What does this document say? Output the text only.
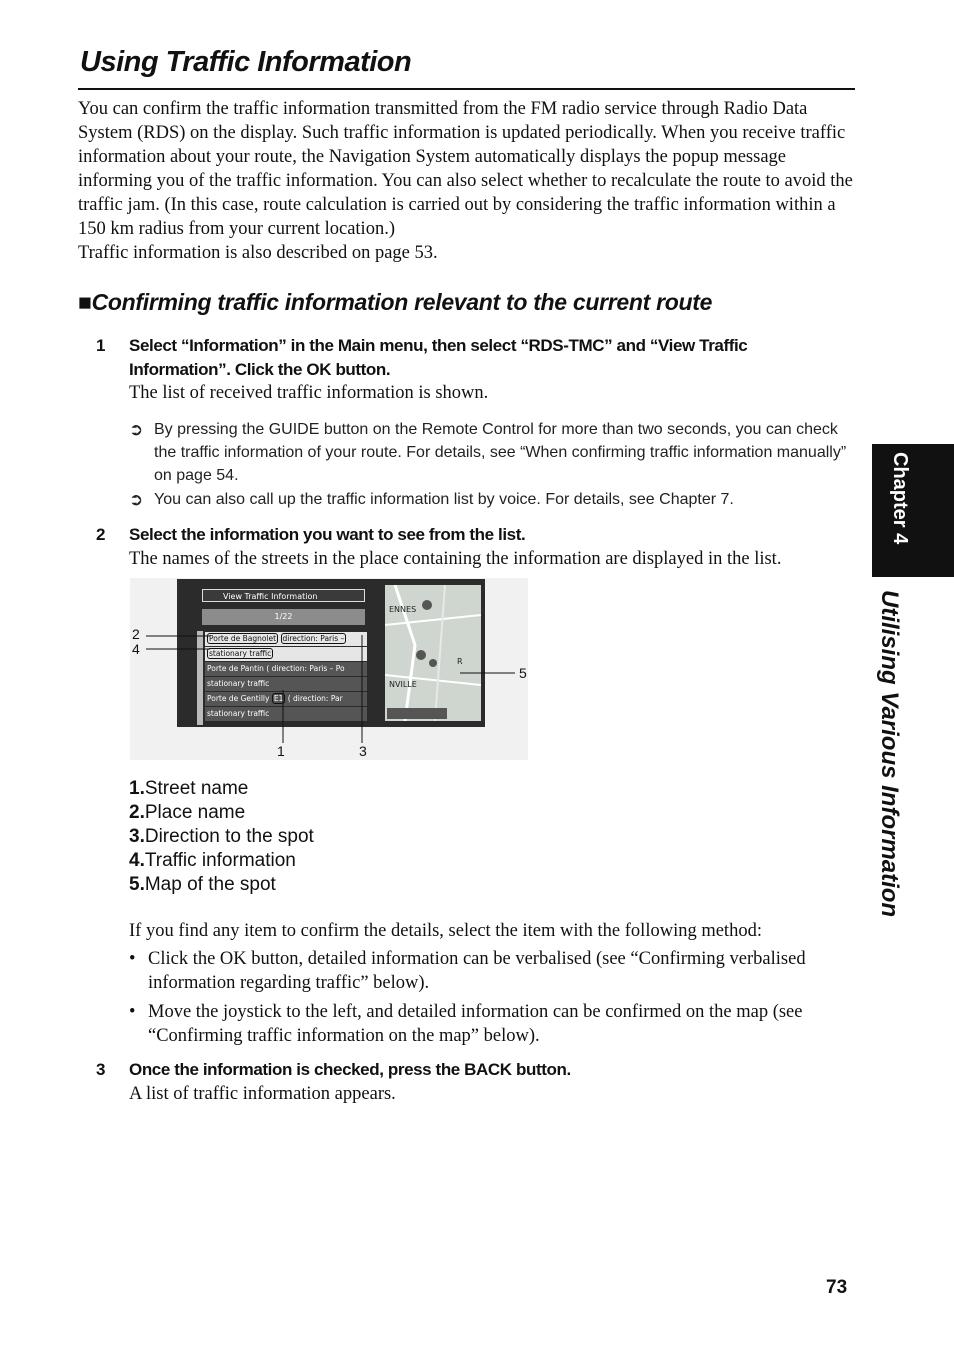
Using Traffic Information

You can confirm the traffic information transmitted from the FM radio service through Radio Data System (RDS) on the display. Such traffic information is updated periodically. When you receive traffic information about your route, the Navigation System automatically displays the popup message informing you of the traffic information. You can also select whether to recalculate the route to avoid the traffic jam. (In this case, route calculation is carried out by considering the traffic information within a 150 km radius from your current location.)

Traffic information is also described on page 53.

■Confirming traffic information relevant to the current route
1 Select “Information” in the Main menu, then select “RDS-TMC” and “View Traffic Information”. Click the OK button.
The list of received traffic information is shown.
➲ By pressing the GUIDE button on the Remote Control for more than two seconds, you can check the traffic information of your route. For details, see “When confirming traffic information manually” on page 54.
➲ You can also call up the traffic information list by voice. For details, see Chapter 7.
2 Select the information you want to see from the list.
The names of the streets in the place containing the information are displayed in the list.
View Traffic Information
1/22
Porte de Bagnolet direction: Paris –
stationary traffic
Porte de Pantin ( direction: Paris – Po
stationary traffic
Porte de Gentilly E1 ( direction: Par
stationary traffic
ENNES
R
NVILLE
2
4
1	3
5
1.Street name
2.Place name
3.Direction to the spot
4.Traffic information
5.Map of the spot
If you find any item to confirm the details, select the item with the following method:
• Click the OK button, detailed information can be verbalised (see “Confirming verbalised information regarding traffic” below).
• Move the joystick to the left, and detailed information can be confirmed on the map (see “Confirming traffic information on the map” below).
3 Once the information is checked, press the BACK button.
A list of traffic information appears.
Chapter 4
Utilising Various Information
73
